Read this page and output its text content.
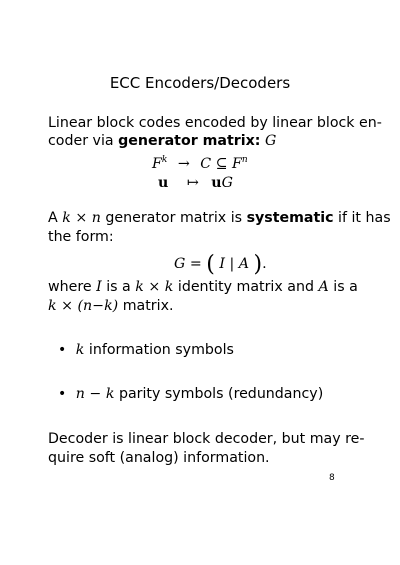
ECC Encoders/Decoders
Linear block codes encoded by linear block en-
coder via generator matrix: G
$F^k \to C$ ⊆ $F^n$
u ↦ uG
A k × n generator matrix is systematic if it has
the form:
G = ( I | A ).
where I is a k × k identity matrix and A is a
k × (n−k) matrix.
• k information symbols
• n − k parity symbols (redundancy)
Decoder is linear block decoder, but may re-
quire soft (analog) information.
8
